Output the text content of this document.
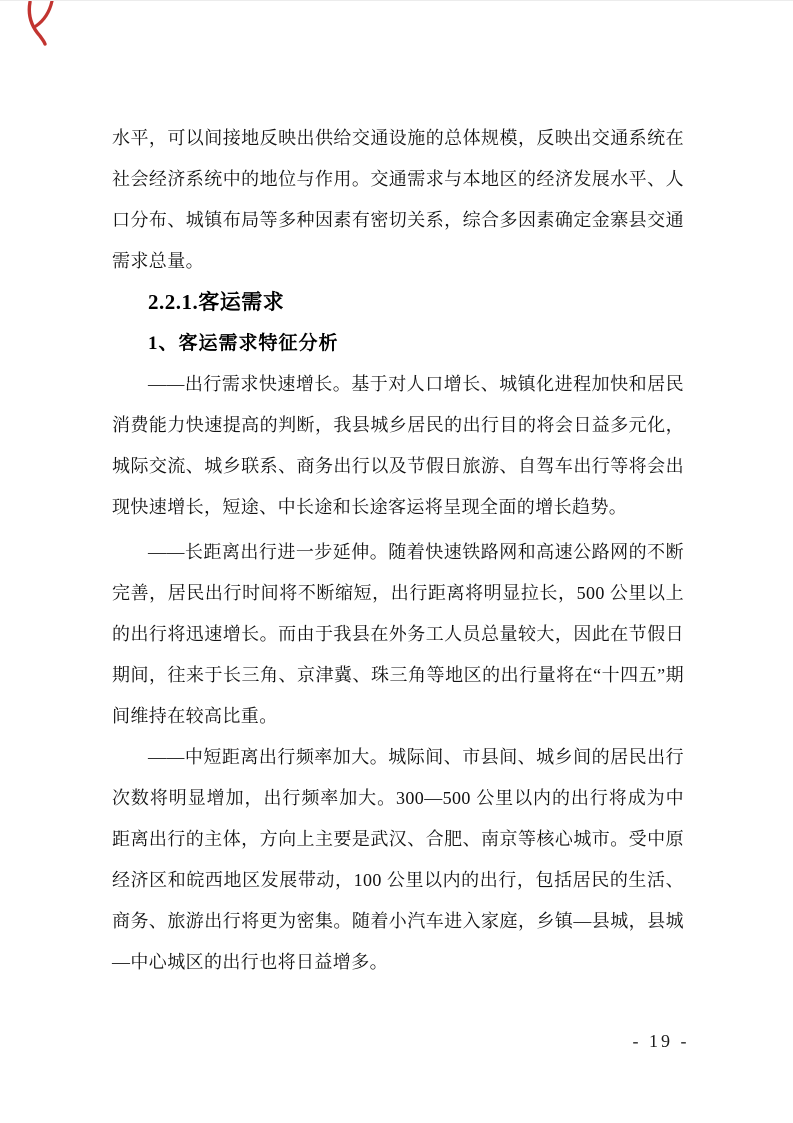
水平，可以间接地反映出供给交通设施的总体规模，反映出交通系统在社会经济系统中的地位与作用。交通需求与本地区的经济发展水平、人口分布、城镇布局等多种因素有密切关系，综合多因素确定金寨县交通需求总量。

2.2.1.客运需求
1、客运需求特征分析

——出行需求快速增长。基于对人口增长、城镇化进程加快和居民消费能力快速提高的判断，我县城乡居民的出行目的将会日益多元化，城际交流、城乡联系、商务出行以及节假日旅游、自驾车出行等将会出现快速增长，短途、中长途和长途客运将呈现全面的增长趋势。

——长距离出行进一步延伸。随着快速铁路网和高速公路网的不断完善，居民出行时间将不断缩短，出行距离将明显拉长，500 公里以上的出行将迅速增长。而由于我县在外务工人员总量较大，因此在节假日期间，往来于长三角、京津冀、珠三角等地区的出行量将在“十四五”期间维持在较高比重。

——中短距离出行频率加大。城际间、市县间、城乡间的居民出行次数将明显增加，出行频率加大。300—500 公里以内的出行将成为中距离出行的主体，方向上主要是武汉、合肥、南京等核心城市。受中原经济区和皖西地区发展带动，100 公里以内的出行，包括居民的生活、商务、旅游出行将更为密集。随着小汽车进入家庭，乡镇—县城，县城—中心城区的出行也将日益增多。

- 19 -
